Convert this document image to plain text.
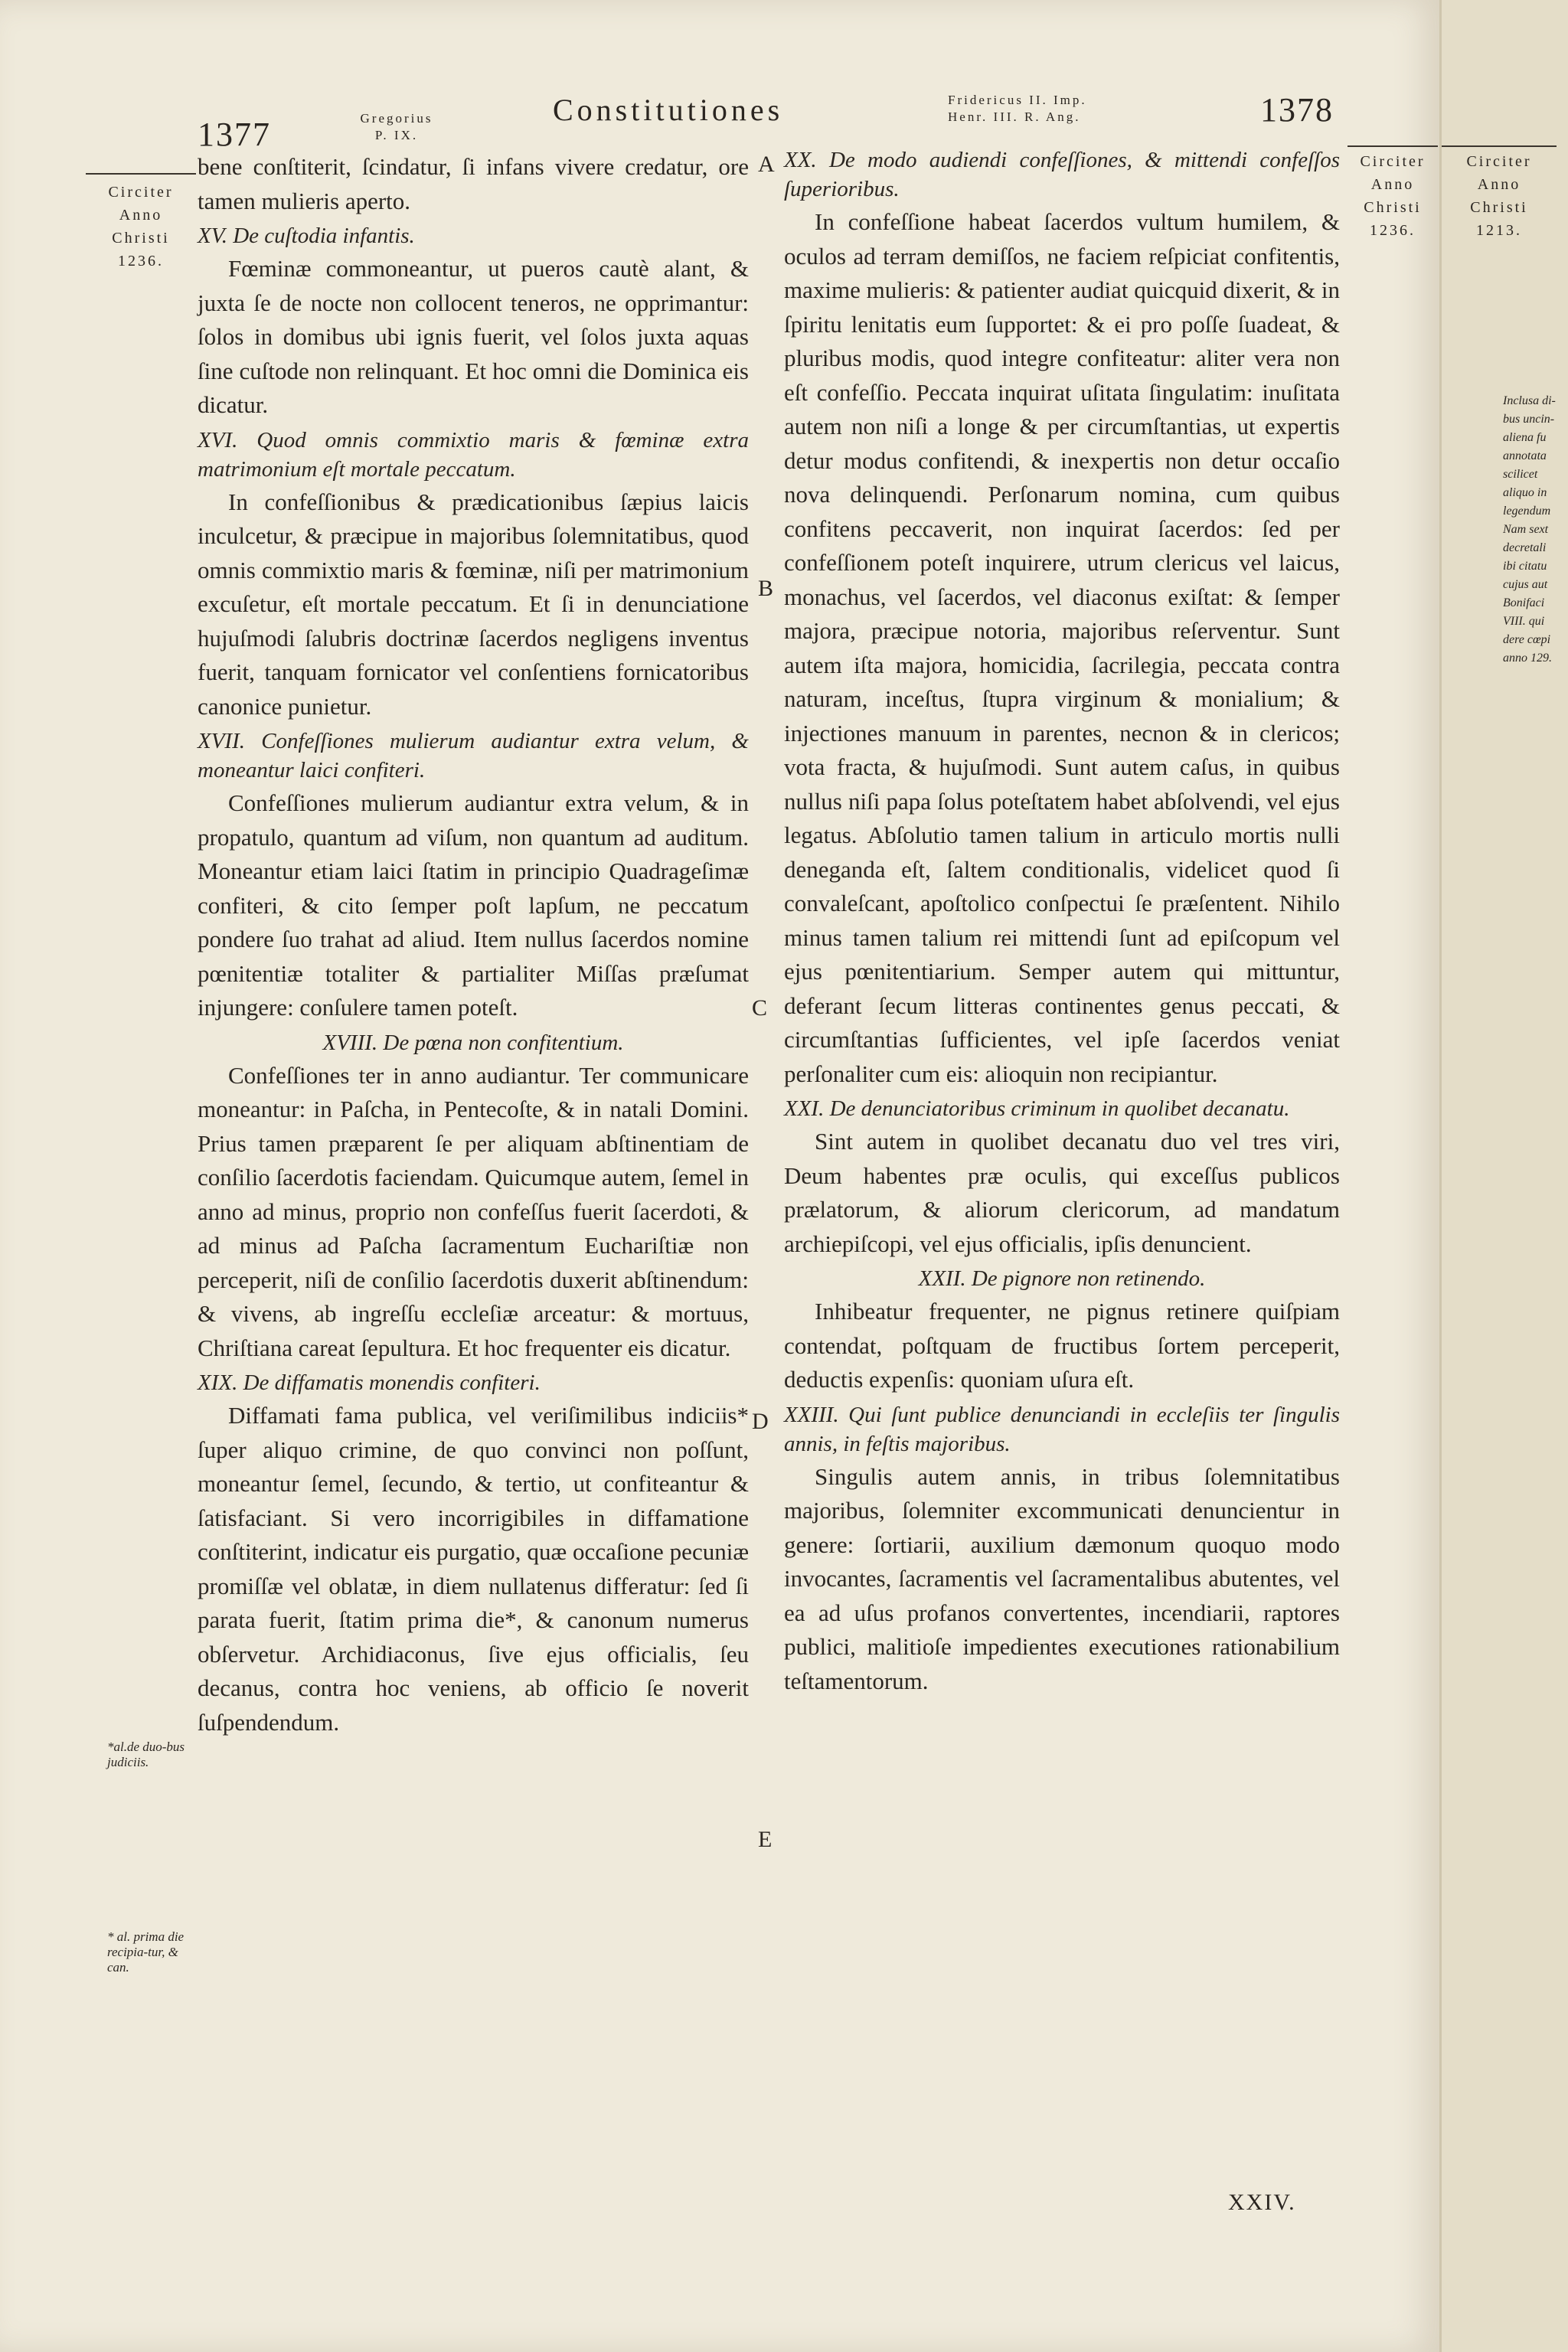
1377	Gregorius
P. IX.
Constitutiones	Fridericus II. Imp.
Henr. III. R. Ang.	1378
Circiter
Anno
Christi
1236.
Circiter
Anno
Christi
1236.
*al.de duo-bus judiciis.
* al. prima die recipia-tur, & can.
A
B
C
D
E

bene conſtiterit, ſcindatur, ſi infans vivere credatur, ore tamen mulieris aperto.

XV. De cuſtodia infantis.

Fœminæ commoneantur, ut pueros cautè alant, & juxta ſe de nocte non collocent teneros, ne opprimantur: ſolos in domibus ubi ignis fuerit, vel ſolos juxta aquas ſine cuſtode non relinquant. Et hoc omni die Dominica eis dicatur.

XVI. Quod omnis commixtio maris & fœminæ extra matrimonium eſt mortale peccatum.

In confeſſionibus & prædicationibus ſæpius laicis inculcetur, & præcipue in majoribus ſolemnitatibus, quod omnis commixtio maris & fœminæ, niſi per matrimonium excuſetur, eſt mortale peccatum. Et ſi in denunciatione hujuſmodi ſalubris doctrinæ ſacerdos negligens inventus fuerit, tanquam fornicator vel conſentiens fornicatoribus canonice punietur.

XVII. Confeſſiones mulierum audiantur extra velum, & moneantur laici confiteri.

Confeſſiones mulierum audiantur extra velum, & in propatulo, quantum ad viſum, non quantum ad auditum. Moneantur etiam laici ſtatim in principio Quadrageſimæ confiteri, & cito ſemper poſt lapſum, ne peccatum pondere ſuo trahat ad aliud. Item nullus ſacerdos nomine pœnitentiæ totaliter & partialiter Miſſas præſumat injungere: conſulere tamen poteſt.

XVIII. De pœna non confitentium.

Confeſſiones ter in anno audiantur. Ter communicare moneantur: in Paſcha, in Pentecoſte, & in natali Domini. Prius tamen præparent ſe per aliquam abſtinentiam de conſilio ſacerdotis faciendam. Quicumque autem, ſemel in anno ad minus, proprio non confeſſus fuerit ſacerdoti, & ad minus ad Paſcha ſacramentum Euchariſtiæ non perceperit, niſi de conſilio ſacerdotis duxerit abſtinendum: & vivens, ab ingreſſu eccleſiæ arceatur: & mortuus, Chriſtiana careat ſepultura. Et hoc frequenter eis dicatur.

XIX. De diffamatis monendis confiteri.

Diffamati fama publica, vel veriſimilibus indiciis* ſuper aliquo crimine, de quo convinci non poſſunt, moneantur ſemel, ſecundo, & tertio, ut confiteantur & ſatisfaciant. Si vero incorrigibiles in diffamatione conſtiterint, indicatur eis purgatio, quæ occaſione pecuniæ promiſſæ vel oblatæ, in diem nullatenus differatur: ſed ſi parata fuerit, ſtatim prima die*, & canonum numerus obſervetur. Archidiaconus, ſive ejus officialis, ſeu decanus, contra hoc veniens, ab officio ſe noverit ſuſpendendum.

XX. De modo audiendi confeſſiones, & mittendi confeſſos ſuperioribus.

In confeſſione habeat ſacerdos vultum humilem, & oculos ad terram demiſſos, ne faciem reſpiciat confitentis, maxime mulieris: & patienter audiat quicquid dixerit, & in ſpiritu lenitatis eum ſupportet: & ei pro poſſe ſuadeat, & pluribus modis, quod integre confiteatur: aliter vera non eſt confeſſio. Peccata inquirat uſitata ſingulatim: inuſitata autem non niſi a longe & per circumſtantias, ut expertis detur modus confitendi, & inexpertis non detur occaſio nova delinquendi. Perſonarum nomina, cum quibus confitens peccaverit, non inquirat ſacerdos: ſed per confeſſionem poteſt inquirere, utrum clericus vel laicus, monachus, vel ſacerdos, vel diaconus exiſtat: & ſemper majora, præcipue notoria, majoribus reſerventur. Sunt autem iſta majora, homicidia, ſacrilegia, peccata contra naturam, inceſtus, ſtupra virginum & monialium; & injectiones manuum in parentes, necnon & in clericos; vota fracta, & hujuſmodi. Sunt autem caſus, in quibus nullus niſi papa ſolus poteſtatem habet abſolvendi, vel ejus legatus. Abſolutio tamen talium in articulo mortis nulli deneganda eſt, ſaltem conditionalis, videlicet quod ſi convaleſcant, apoſtolico conſpectui ſe præſentent. Nihilo minus tamen talium rei mittendi ſunt ad epiſcopum vel ejus pœnitentiarium. Semper autem qui mittuntur, deferant ſecum litteras continentes genus peccati, & circumſtantias ſufficientes, vel ipſe ſacerdos veniat perſonaliter cum eis: alioquin non recipiantur.

XXI. De denunciatoribus criminum in quolibet decanatu.

Sint autem in quolibet decanatu duo vel tres viri, Deum habentes præ oculis, qui exceſſus publicos prælatorum, & aliorum clericorum, ad mandatum archiepiſcopi, vel ejus officialis, ipſis denuncient.

XXII. De pignore non retinendo.

Inhibeatur frequenter, ne pignus retinere quiſpiam contendat, poſtquam de fructibus ſortem perceperit, deductis expenſis: quoniam uſura eſt.

XXIII. Qui ſunt publice denunciandi in eccleſiis ter ſingulis annis, in feſtis majoribus.

Singulis autem annis, in tribus ſolemnitatibus majoribus, ſolemniter excommunicati denuncientur in genere: ſortiarii, auxilium dæmonum quoquo modo invocantes, ſacramentis vel ſacramentalibus abutentes, vel ea ad uſus profanos convertentes, incendiarii, raptores publici, malitioſe impedientes executiones rationabilium teſtamentorum.

XXIV.
Circiter
Anno
Christi
1213.
Inclusa di-
bus uncin-
aliena fu
annotata
scilicet
aliquo in
legendum
Nam sext
decretali
ibi citatu
cujus aut
Bonifaci
VIII. qui
dere cœpi
anno 129.
